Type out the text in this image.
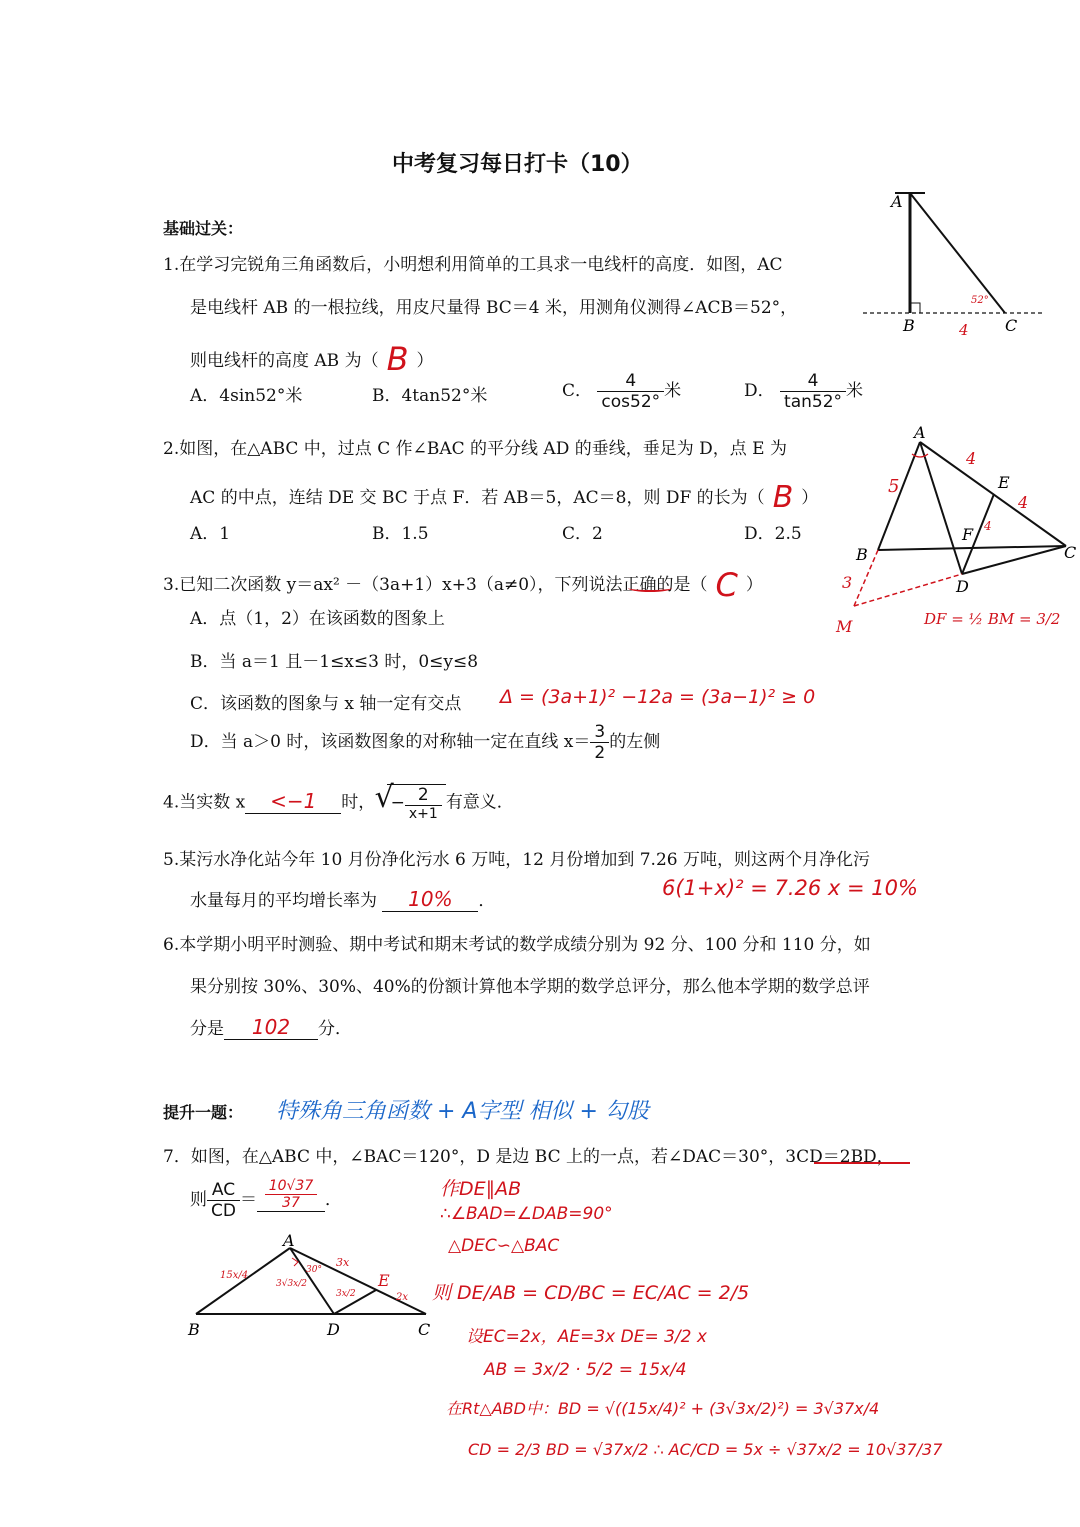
中考复习每日打卡（10）
基础过关：
1.在学习完锐角三角函数后，小明想利用简单的工具求一电线杆的高度．如图，AC
是电线杆 AB 的一根拉线，用皮尺量得 BC＝4 米，用测角仪测得∠ACB＝52°，
则电线杆的高度 AB 为（ B ）
A．4sin52°米	B．4tan52°米	C． $\frac{4}{\cos 52^\circ}$ 米	D． $\frac{4}{\tan 52^\circ}$ 米
A
B	C
52°
4
2.如图，在△ABC 中，过点 C 作∠BAC 的平分线 AD 的垂线，垂足为 D，点 E 为
AC 的中点，连结 DE 交 BC 于点 F．若 AB＝5，AC＝8，则 DF 的长为（ B ）
A．1	B．1.5	C．2	D．2.5
A
B	C
D
E
F
M
5
4
4
4
3
DF = ½ BM = 3/2
3.已知二次函数 y＝ax² －（3a+1）x+3（a≠0），下列说法正确的是（ C ）
A．点（1，2）在该函数的图象上
B．当 a＝1 且－1≤x≤3 时，0≤y≤8
C．该函数的图象与 x 轴一定有交点 Δ = (3a+1)² −12a = (3a−1)² ≥ 0
D．当 a＞0 时，该函数图象的对称轴一定在直线 $x= \frac{3}{2}$ 的左侧
4.当实数 x <−1 时， √
− $\frac{2}{x+1}$ 有意义．
5.某污水净化站今年 10 月份净化污水 6 万吨，12 月份增加到 7.26 万吨，则这两个月净化污
水量每月的平均增长率为 10% ．
6(1+x)² = 7.26 x = 10%
6.本学期小明平时测验、期中考试和期末考试的数学成绩分别为 92 分、100 分和 110 分，如
果分别按 30%、30%、40%的份额计算他本学期的数学总评分，那么他本学期的数学总评
分是 102 分．
提升一题： 特殊角三角函数 + A字型 相似 + 勾股
7．如图，在△ABC 中，∠BAC＝120°，D 是边 BC 上的一点，若∠DAC＝30°，3CD＝2BD，
则 $\frac{AC}{CD} = \frac{10√37}{37}$ ．
A
B	D	C
E
15x/4
3√3x/2
30°
3x
3x/2	2x
作DE∥AB
∴∠BAD=∠DAB=90°
△DEC∽△BAC
则 DE/AB = CD/BC = EC/AC = 2/5
设EC=2x，AE=3x DE= 3/2 x
AB = 3x/2 · 5/2 = 15x/4
在Rt△ABD中：BD = √((15x/4)² + (3√3x/2)²) = 3√37x/4
CD = 2/3 BD = √37x/2 ∴ AC/CD = 5x ÷ √37x/2 = 10√37/37
